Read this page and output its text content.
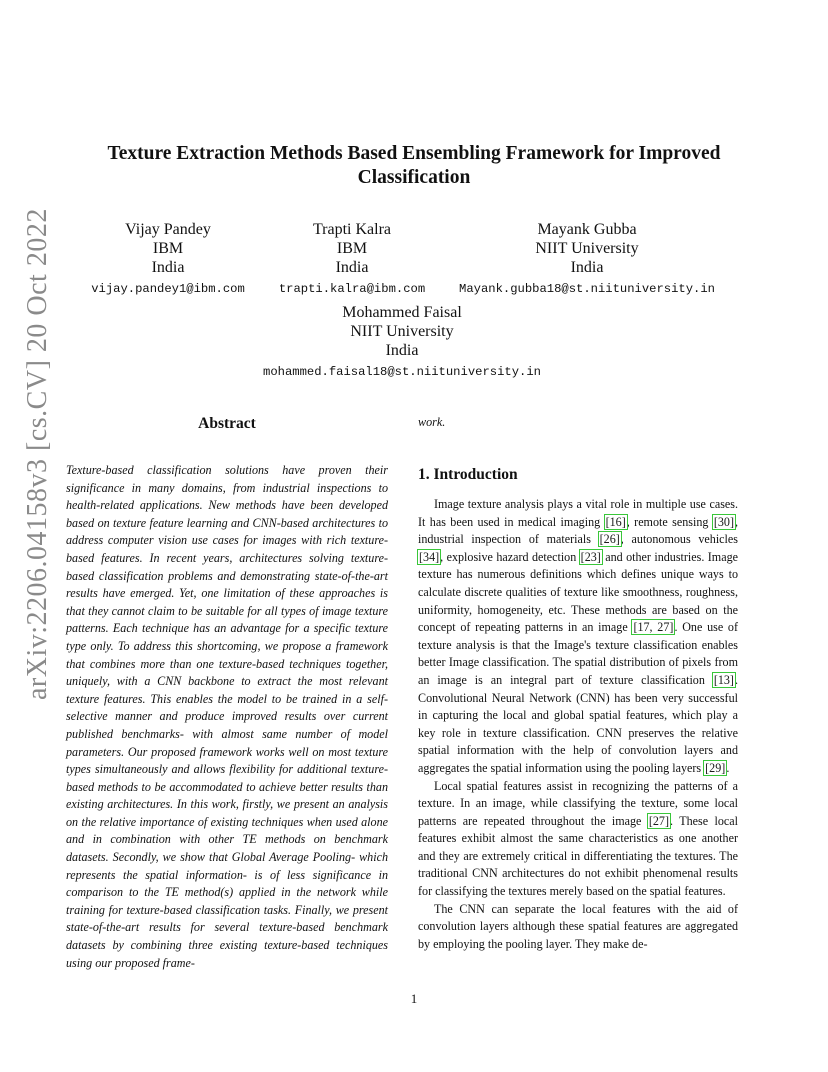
arXiv:2206.04158v3 [cs.CV] 20 Oct 2022
Texture Extraction Methods Based Ensembling Framework for Improved Classification
Vijay Pandey
IBM
India
vijay.pandey1@ibm.com
Trapti Kalra
IBM
India
trapti.kalra@ibm.com
Mayank Gubba
NIIT University
India
Mayank.gubba18@st.niituniversity.in
Mohammed Faisal
NIIT University
India
mohammed.faisal18@st.niituniversity.in
Abstract
Texture-based classification solutions have proven their significance in many domains, from industrial inspections to health-related applications. New methods have been developed based on texture feature learning and CNN-based architectures to address computer vision use cases for images with rich texture-based features. In recent years, architectures solving texture-based classification problems and demonstrating state-of-the-art results have emerged. Yet, one limitation of these approaches is that they cannot claim to be suitable for all types of image texture patterns. Each technique has an advantage for a specific texture type only. To address this shortcoming, we propose a framework that combines more than one texture-based techniques together, uniquely, with a CNN backbone to extract the most relevant texture features. This enables the model to be trained in a self-selective manner and produce improved results over current published benchmarks- with almost same number of model parameters. Our proposed framework works well on most texture types simultaneously and allows flexibility for additional texture-based methods to be accommodated to achieve better results than existing architectures. In this work, firstly, we present an analysis on the relative importance of existing techniques when used alone and in combination with other TE methods on benchmark datasets. Secondly, we show that Global Average Pooling- which represents the spatial information- is of less significance in comparison to the TE method(s) applied in the network while training for texture-based classification tasks. Finally, we present state-of-the-art results for several texture-based benchmark datasets by combining three existing texture-based techniques using our proposed frame-
work.
1. Introduction

Image texture analysis plays a vital role in multiple use cases. It has been used in medical imaging [16], remote sensing [30], industrial inspection of materials [26], autonomous vehicles [34], explosive hazard detection [23] and other industries. Image texture has numerous definitions which defines unique ways to calculate discrete qualities of texture like smoothness, roughness, uniformity, homogeneity, etc. These methods are based on the concept of repeating patterns in an image [17, 27]. One use of texture analysis is that the Image's texture classification enables better Image classification. The spatial distribution of pixels from an image is an integral part of texture classification [13]. Convolutional Neural Network (CNN) has been very successful in capturing the local and global spatial features, which play a key role in texture classification. CNN preserves the relative spatial information with the help of convolution layers and aggregates the spatial information using the pooling layers [29].

Local spatial features assist in recognizing the patterns of a texture. In an image, while classifying the texture, some local patterns are repeated throughout the image [27]. These local features exhibit almost the same characteristics as one another and they are extremely critical in differentiating the textures. The traditional CNN architectures do not exhibit phenomenal results for classifying the textures merely based on the spatial features.

The CNN can separate the local features with the aid of convolution layers although these spatial features are aggregated by employing the pooling layer. They make de-

1
